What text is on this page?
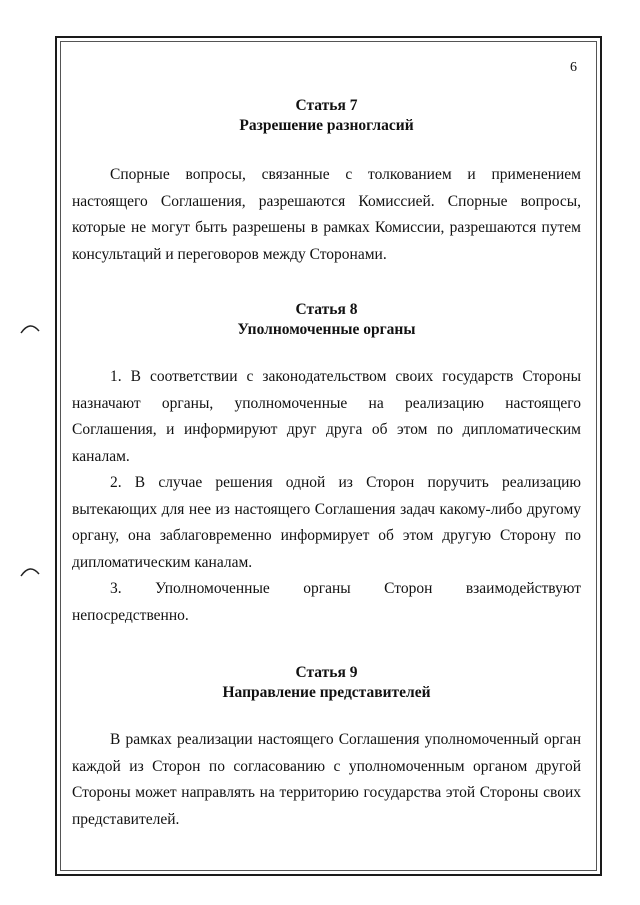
6

Статья 7

Разрешение разногласий

Спорные вопросы, связанные с толкованием и применением настоящего Соглашения, разрешаются Комиссией. Спорные вопросы, которые не могут быть разрешены в рамках Комиссии, разрешаются путем консультаций и переговоров между Сторонами.

Статья 8

Уполномоченные органы

1. В соответствии с законодательством своих государств Стороны назначают органы, уполномоченные на реализацию настоящего Соглашения, и информируют друг друга об этом по дипломатическим каналам.

2. В случае решения одной из Сторон поручить реализацию вытекающих для нее из настоящего Соглашения задач какому-либо другому органу, она заблаговременно информирует об этом другую Сторону по дипломатическим каналам.

3. Уполномоченные органы Сторон взаимодействуют непосредственно.

Статья 9

Направление представителей

В рамках реализации настоящего Соглашения уполномоченный орган каждой из Сторон по согласованию с уполномоченным органом другой Стороны может направлять на территорию государства этой Стороны своих представителей.
